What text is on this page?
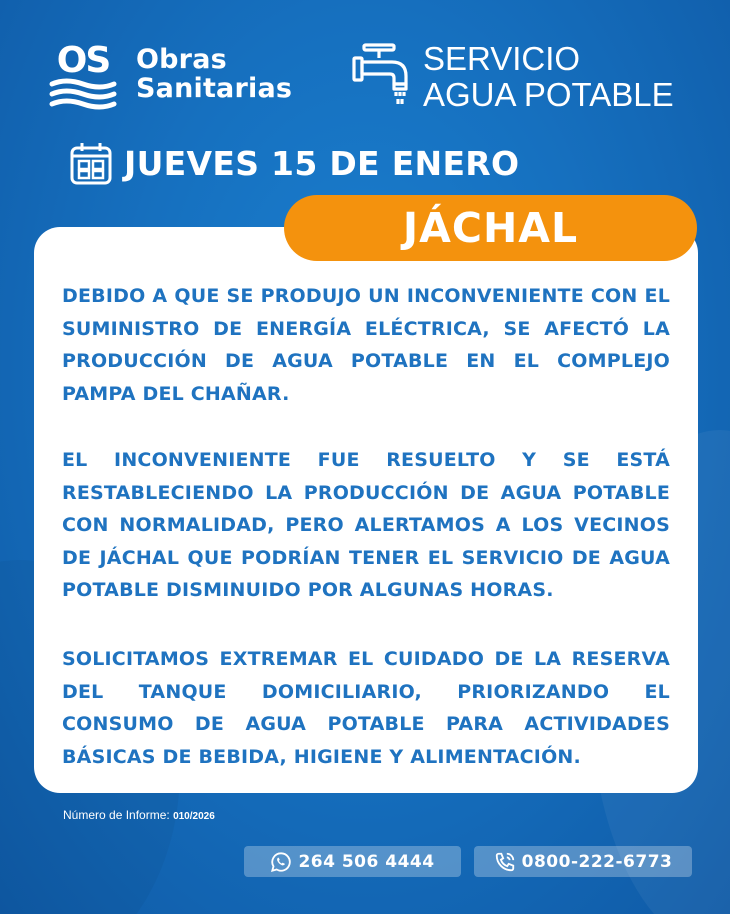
OS Obras
Sanitarias
SERVICIO
AGUA POTABLE
JUEVES 15 DE ENERO
JÁCHAL

DEBIDO A QUE SE PRODUJO UN INCONVENIENTE CON EL SUMINISTRO DE ENERGÍA ELÉCTRICA, SE AFECTÓ LA PRODUCCIÓN DE AGUA POTABLE EN EL COMPLEJO PAMPA DEL CHAÑAR.

EL INCONVENIENTE FUE RESUELTO Y SE ESTÁ RESTABLECIENDO LA PRODUCCIÓN DE AGUA POTABLE CON NORMALIDAD, PERO ALERTAMOS A LOS VECINOS DE JÁCHAL QUE PODRÍAN TENER EL SERVICIO DE AGUA POTABLE DISMINUIDO POR ALGUNAS HORAS.

SOLICITAMOS EXTREMAR EL CUIDADO DE LA RESERVA DEL TANQUE DOMICILIARIO, PRIORIZANDO EL CONSUMO DE AGUA POTABLE PARA ACTIVIDADES BÁSICAS DE BEBIDA, HIGIENE Y ALIMENTACIÓN.

Número de Informe: 010/2026
264 506 4444	0800-222-6773
